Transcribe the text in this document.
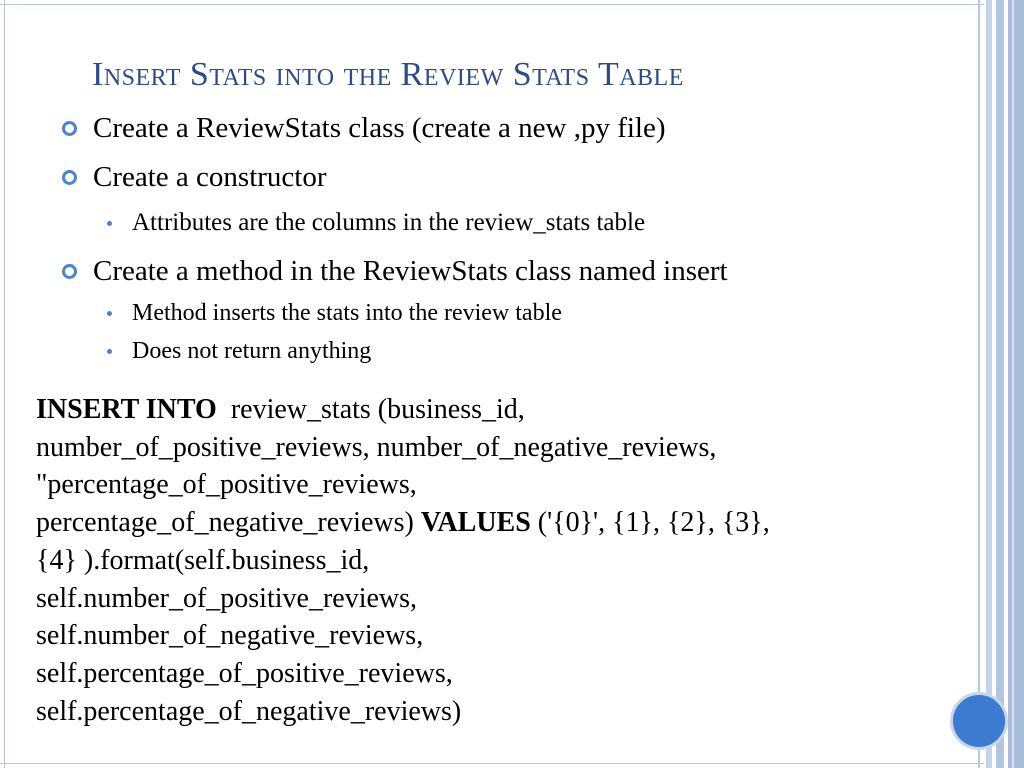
Insert Stats into the Review Stats Table
Create a ReviewStats class (create a new ,py file)
Create a constructor
Attributes are the columns in the review_stats table
Create a method in the ReviewStats class named insert
Method inserts the stats into the review table
Does not return anything
INSERT INTO review_stats (business_id,
number_of_positive_reviews, number_of_negative_reviews,
"percentage_of_positive_reviews,
percentage_of_negative_reviews) VALUES ('{0}', {1}, {2}, {3},
{4} ).format(self.business_id,
self.number_of_positive_reviews,
self.number_of_negative_reviews,
self.percentage_of_positive_reviews,
self.percentage_of_negative_reviews)
